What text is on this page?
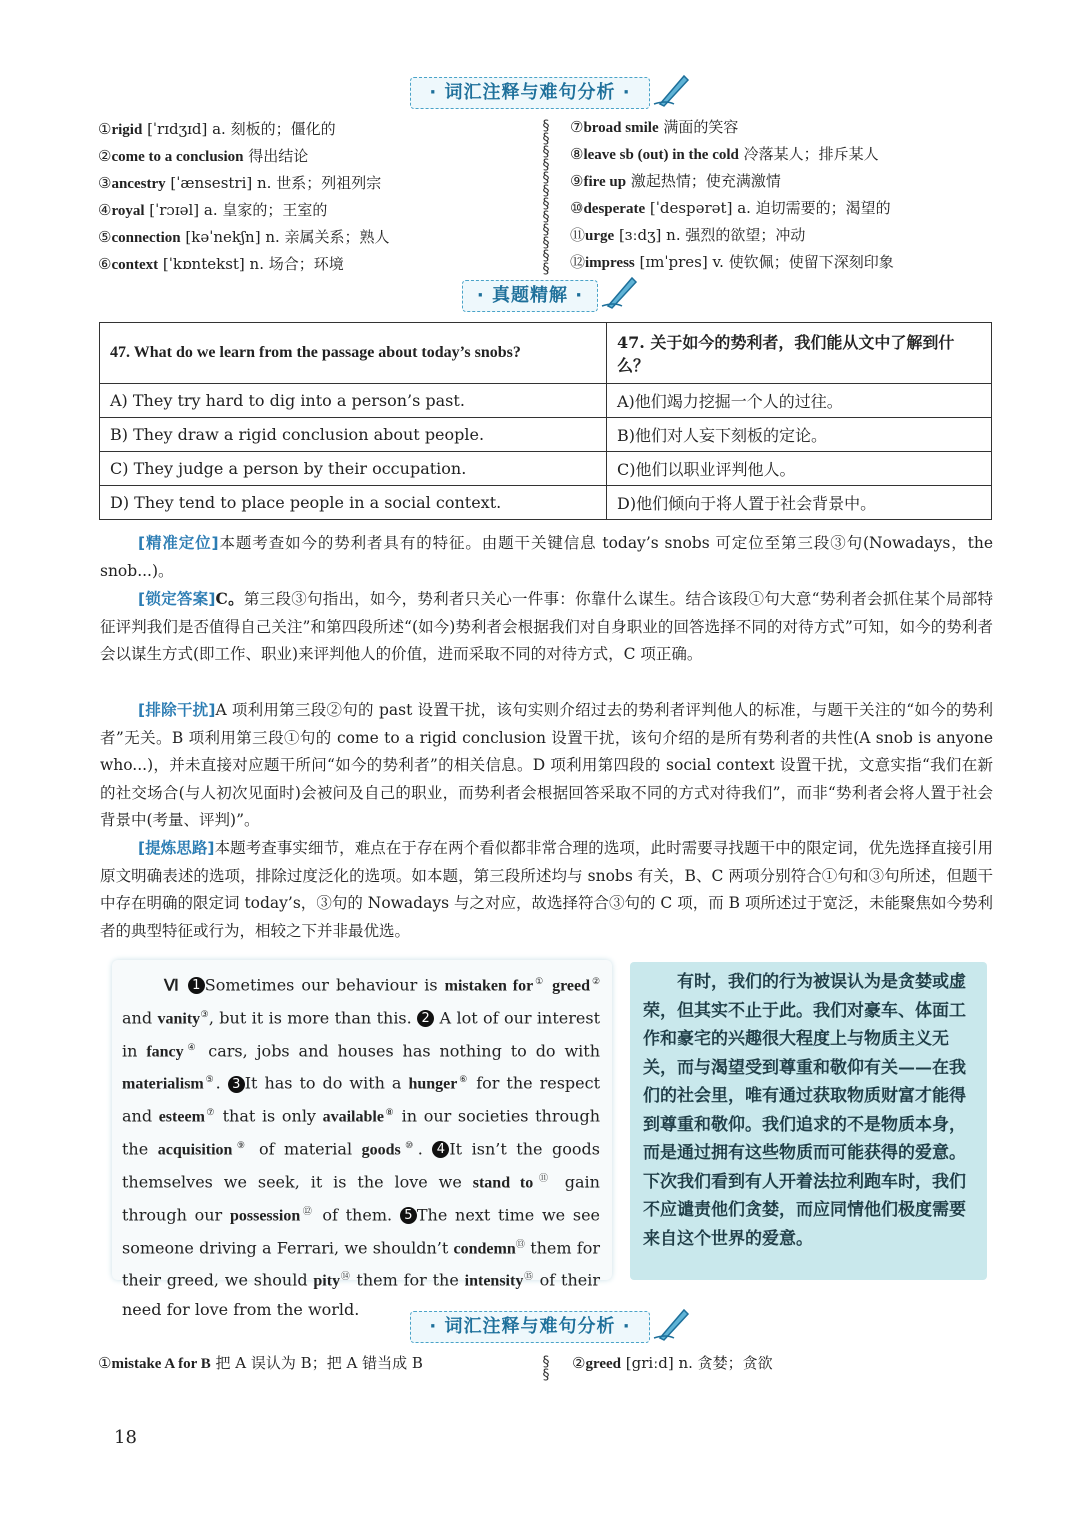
· 词汇注释与难句分析 ·
①rigid [ˈrɪdʒɪd] a. 刻板的；僵化的
②come to a conclusion 得出结论
③ancestry [ˈænsestri] n. 世系；列祖列宗
④royal [ˈrɔɪəl] a. 皇家的；王室的
⑤connection [kəˈnekʃn] n. 亲属关系；熟人
⑥context [ˈkɒntekst] n. 场合；环境
§
§
§
§
§
§
§
§
§
§
§
§
⑦broad smile 满面的笑容
⑧leave sb (out) in the cold 冷落某人；排斥某人
⑨fire up 激起热情；使充满激情
⑩desperate [ˈdespərət] a. 迫切需要的；渴望的
⑪urge [ɜːdʒ] n. 强烈的欲望；冲动
⑫impress [ɪmˈpres] v. 使钦佩；使留下深刻印象
· 真题精解 ·
47. What do we learn from the passage about today’s snobs?	47. 关于如今的势利者，我们能从文中了解到什么？
A) They try hard to dig into a person’s past.	A)他们竭力挖掘一个人的过往。
B) They draw a rigid conclusion about people.	B)他们对人妄下刻板的定论。
C) They judge a person by their occupation.	C)他们以职业评判他人。
D) They tend to place people in a social context.	D)他们倾向于将人置于社会背景中。
[精准定位]本题考查如今的势利者具有的特征。由题干关键信息 today’s snobs 可定位至第三段③句(Nowadays，the snob...)。
[锁定答案]C。第三段③句指出，如今，势利者只关心一件事：你靠什么谋生。结合该段①句大意“势利者会抓住某个局部特征评判我们是否值得自己关注”和第四段所述“(如今)势利者会根据我们对自身职业的回答选择不同的对待方式”可知，如今的势利者会以谋生方式(即工作、职业)来评判他人的价值，进而采取不同的对待方式，C 项正确。
[排除干扰]A 项利用第三段②句的 past 设置干扰，该句实则介绍过去的势利者评判他人的标准，与题干关注的“如今的势利者”无关。B 项利用第三段①句的 come to a rigid conclusion 设置干扰，该句介绍的是所有势利者的共性(A snob is anyone who...)，并未直接对应题干所问“如今的势利者”的相关信息。D 项利用第四段的 social context 设置干扰，文意实指“我们在新的社交场合(与人初次见面时)会被问及自己的职业，而势利者会根据回答采取不同的方式对待我们”，而非“势利者会将人置于社会背景中(考量、评判)”。
[提炼思路]本题考查事实细节，难点在于存在两个看似都非常合理的选项，此时需要寻找题干中的限定词，优先选择直接引用原文明确表述的选项，排除过度泛化的选项。如本题，第三段所述均与 snobs 有关，B、C 两项分别符合①句和③句所述，但题干中存在明确的限定词 today’s，③句的 Nowadays 与之对应，故选择符合③句的 C 项，而 B 项所述过于宽泛，未能聚焦如今势利者的典型特征或行为，相较之下并非最优选。
Ⅵ 1 Sometimes our behaviour is mistaken for① greed② and vanity③, but it is more than this. 2 A lot of our interest in fancy④ cars, jobs and houses has nothing to do with materialism⑤. 3 It has to do with a hunger⑥ for the respect and esteem⑦ that is only available⑧ in our societies through the acquisition⑨ of material goods⑩. 4 It isn’t the goods themselves we seek, it is the love we stand to⑪ gain through our possession⑫ of them. 5 The next time we see someone driving a Ferrari, we shouldn’t condemn⑬ them for their greed, we should pity⑭ them for the intensity⑮ of their need for love from the world.
有时，我们的行为被误认为是贪婪或虚荣，但其实不止于此。我们对豪车、体面工作和豪宅的兴趣很大程度上与物质主义无关，而与渴望受到尊重和敬仰有关——在我们的社会里，唯有通过获取物质财富才能得到尊重和敬仰。我们追求的不是物质本身，而是通过拥有这些物质而可能获得的爱意。下次我们看到有人开着法拉利跑车时，我们不应谴责他们贪婪，而应同情他们极度需要来自这个世界的爱意。
· 词汇注释与难句分析 ·
①mistake A for B 把 A 误认为 B；把 A 错当成 B	§
§
②greed [griːd] n. 贪婪；贪欲
18
